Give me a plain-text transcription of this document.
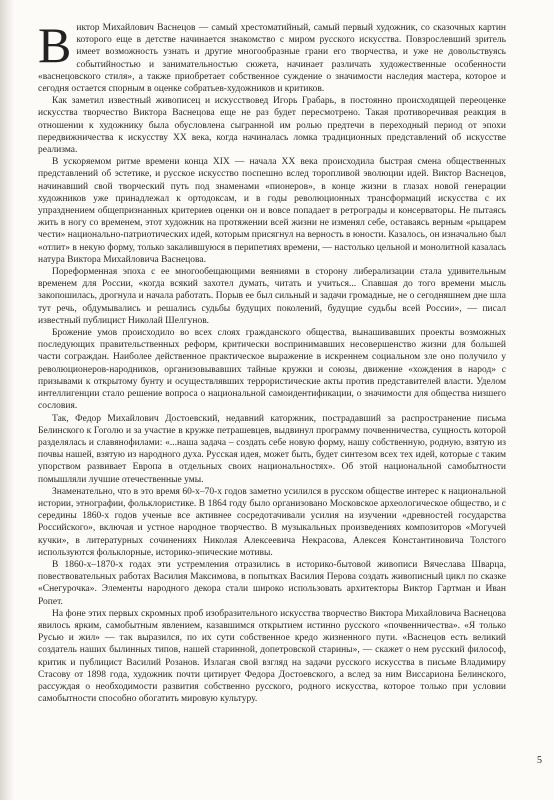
Виктор Михайлович Васнецов — самый хрестоматийный, самый первый художник, со сказочных картин которого еще в детстве начинается знакомство с миром русского искусства. Повзрослевший зритель имеет возможность узнать и другие многообразные грани его творчества, и уже не довольствуясь событийностью и занимательностью сюжета, начинает различать художественные особенности «васнецовского стиля», а также приобретает собственное суждение о значимости наследия мастера, которое и сегодня остается спорным в оценке собратьев-художников и критиков.

Как заметил известный живописец и искусствовед Игорь Грабарь, в постоянно происходящей переоценке искусства творчество Виктора Васнецова еще не раз будет пересмотрено. Такая противоречивая реакция в отношении к художнику была обусловлена сыгранной им ролью предтечи в переходный период от эпохи передвижничества к искусству XX века, когда начиналась ломка традиционных представлений об искусстве реализма.

В ускоряемом ритме времени конца XIX — начала XX века происходила быстрая смена общественных представлений об эстетике, и русское искусство поспешно вслед торопливой эволюции идей. Виктор Васнецов, начинавший свой творческий путь под знаменами «пионеров», в конце жизни в глазах новой генерации художников уже принадлежал к ортодоксам, и в годы революционных трансформаций искусства с их упразднением общепризнанных критериев оценки он и вовсе попадает в ретрограды и консерваторы. Не пытаясь жить в ногу со временем, этот художник на протяжении всей жизни не изменял себе, оставаясь верным «рыцарем чести» национально-патриотических идей, которым присягнул на верность в юности. Казалось, он изначально был «отлит» в некую форму, только закалившуюся в перипетиях времени, — настолько цельной и монолитной казалась натура Виктора Михайловича Васнецова.

Пореформенная эпоха с ее многообещающими веяниями в сторону либерализации стала удивительным временем для России, «когда всякий захотел думать, читать и учиться... Спавшая до того времени мысль закопошилась, дрогнула и начала работать. Порыв ее был сильный и задачи громадные, не о сегодняшнем дне шла тут речь, обдумывались и решались судьбы будущих поколений, будущие судьбы всей России», — писал известный публицист Николай Шелгунов.

Брожение умов происходило во всех слоях гражданского общества, вынашивавших проекты возможных последующих правительственных реформ, критически воспринимавших несовершенство жизни для большей части сограждан. Наиболее действенное практическое выражение в искреннем социальном зле оно получило у революционеров-народников, организовывавших тайные кружки и союзы, движение «хождения в народ» с призывами к открытому бунту и осуществлявших террористические акты против представителей власти. Уделом интеллигенции стало решение вопроса о национальной самоидентификации, о значимости для общества низшего сословия.

Так, Федор Михайлович Достоевский, недавний каторжник, пострадавший за распространение письма Белинского к Гоголю и за участие в кружке петрашевцев, выдвинул программу почвенничества, сущность которой разделялась и славянофилами: «...наша задача – создать себе новую форму, нашу собственную, родную, взятую из почвы нашей, взятую из народного духа. Русская идея, может быть, будет синтезом всех тех идей, которые с таким упорством развивает Европа в отдельных своих национальностях». Об этой национальной самобытности помышляли лучшие отечественные умы.

Знаменательно, что в это время 60-х–70-х годов заметно усилился в русском обществе интерес к национальной истории, этнографии, фольклористике. В 1864 году было организовано Московское археологическое общество, и с середины 1860-х годов ученые все активнее сосредотачивали усилия на изучении «древностей государства Российского», включая и устное народное творчество. В музыкальных произведениях композиторов «Могучей кучки», в литературных сочинениях Николая Алексеевича Некрасова, Алексея Константиновича Толстого используются фольклорные, историко-эпические мотивы.

В 1860-х–1870-х годах эти устремления отразились в историко-бытовой живописи Вячеслава Шварца, повествовательных работах Василия Максимова, в попытках Василия Перова создать живописный цикл по сказке «Снегурочка». Элементы народного декора стали широко использовать архитекторы Виктор Гартман и Иван Ропет.

На фоне этих первых скромных проб изобразительного искусства творчество Виктора Михайловича Васнецова явилось ярким, самобытным явлением, казавшимся открытием истинно русского «почвенничества». «Я только Русью и жил» — так выразился, по их сути собственное кредо жизненного пути. «Васнецов есть великий создатель наших былинных типов, нашей старинной, допетровской старины», — скажет о нем русский философ, критик и публицист Василий Розанов. Излагая свой взгляд на задачи русского искусства в письме Владимиру Стасову от 1898 года, художник почти цитирует Федора Достоевского, а вслед за ним Виссариона Белинского, рассуждая о необходимости развития собственно русского, родного искусства, которое только при условии самобытности способно обогатить мировую культуру.

5
